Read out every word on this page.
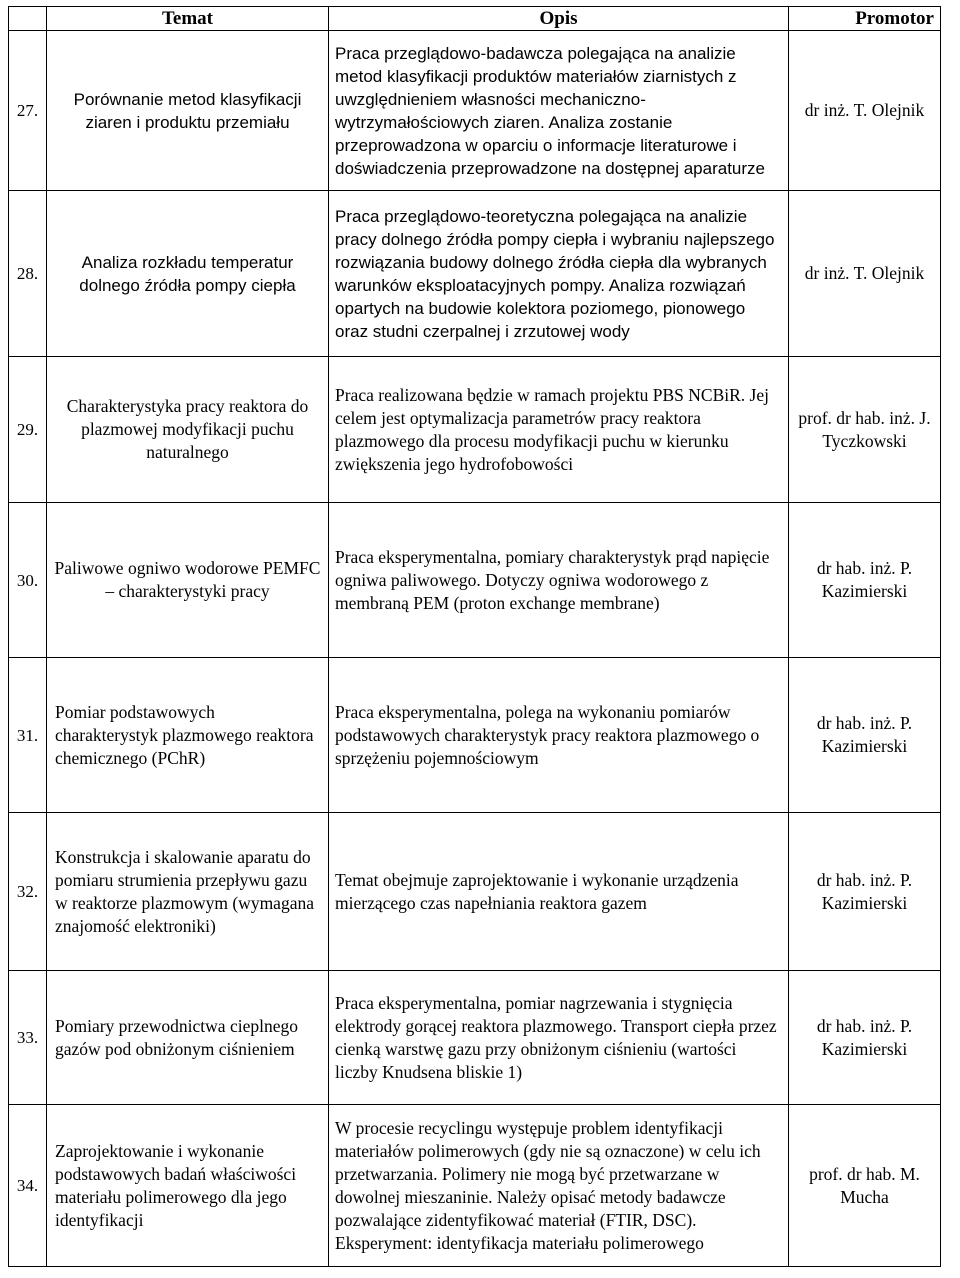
	Temat	Opis	Promotor
27.	Porównanie metod klasyfikacji ziaren i produktu przemiału	Praca przeglądowo-badawcza polegająca na analizie metod klasyfikacji produktów materiałów ziarnistych z uwzględnieniem własności mechaniczno-wytrzymałościowych ziaren. Analiza zostanie przeprowadzona w oparciu o informacje literaturowe i doświadczenia przeprowadzone na dostępnej aparaturze	dr inż. T. Olejnik
28.	Analiza rozkładu temperatur dolnego źródła pompy ciepła	Praca przeglądowo-teoretyczna polegająca na analizie pracy dolnego źródła pompy ciepła i wybraniu najlepszego rozwiązania budowy dolnego źródła ciepła dla wybranych warunków eksploatacyjnych pompy. Analiza rozwiązań opartych na budowie kolektora poziomego, pionowego oraz studni czerpalnej i zrzutowej wody	dr inż. T. Olejnik
29.	Charakterystyka pracy reaktora do plazmowej modyfikacji puchu naturalnego	Praca realizowana będzie w ramach projektu PBS NCBiR. Jej celem jest optymalizacja parametrów pracy reaktora plazmowego dla procesu modyfikacji puchu w kierunku zwiększenia jego hydrofobowości	prof. dr hab. inż. J. Tyczkowski
30.	Paliwowe ogniwo wodorowe PEMFC – charakterystyki pracy	Praca eksperymentalna, pomiary charakterystyk prąd napięcie ogniwa paliwowego. Dotyczy ogniwa wodorowego z membraną PEM (proton exchange membrane)	dr hab. inż. P. Kazimierski
31.	Pomiar podstawowych charakterystyk plazmowego reaktora chemicznego (PChR)	Praca eksperymentalna, polega na wykonaniu pomiarów podstawowych charakterystyk pracy reaktora plazmowego o sprzężeniu pojemnościowym	dr hab. inż. P. Kazimierski
32.	Konstrukcja i skalowanie aparatu do pomiaru strumienia przepływu gazu w reaktorze plazmowym (wymagana znajomość elektroniki)	Temat obejmuje zaprojektowanie i wykonanie urządzenia mierzącego czas napełniania reaktora gazem	dr hab. inż. P. Kazimierski
33.	Pomiary przewodnictwa cieplnego gazów pod obniżonym ciśnieniem	Praca eksperymentalna, pomiar nagrzewania i stygnięcia elektrody gorącej reaktora plazmowego. Transport ciepła przez cienką warstwę gazu przy obniżonym ciśnieniu (wartości liczby Knudsena bliskie 1)	dr hab. inż. P. Kazimierski
34.	Zaprojektowanie i wykonanie podstawowych badań właściwości materiału polimerowego dla jego identyfikacji	W procesie recyclingu występuje problem identyfikacji materiałów polimerowych (gdy nie są oznaczone) w celu ich przetwarzania. Polimery nie mogą być przetwarzane w dowolnej mieszaninie. Należy opisać metody badawcze pozwalające zidentyfikować materiał (FTIR, DSC). Eksperyment: identyfikacja materiału polimerowego	prof. dr hab. M. Mucha
